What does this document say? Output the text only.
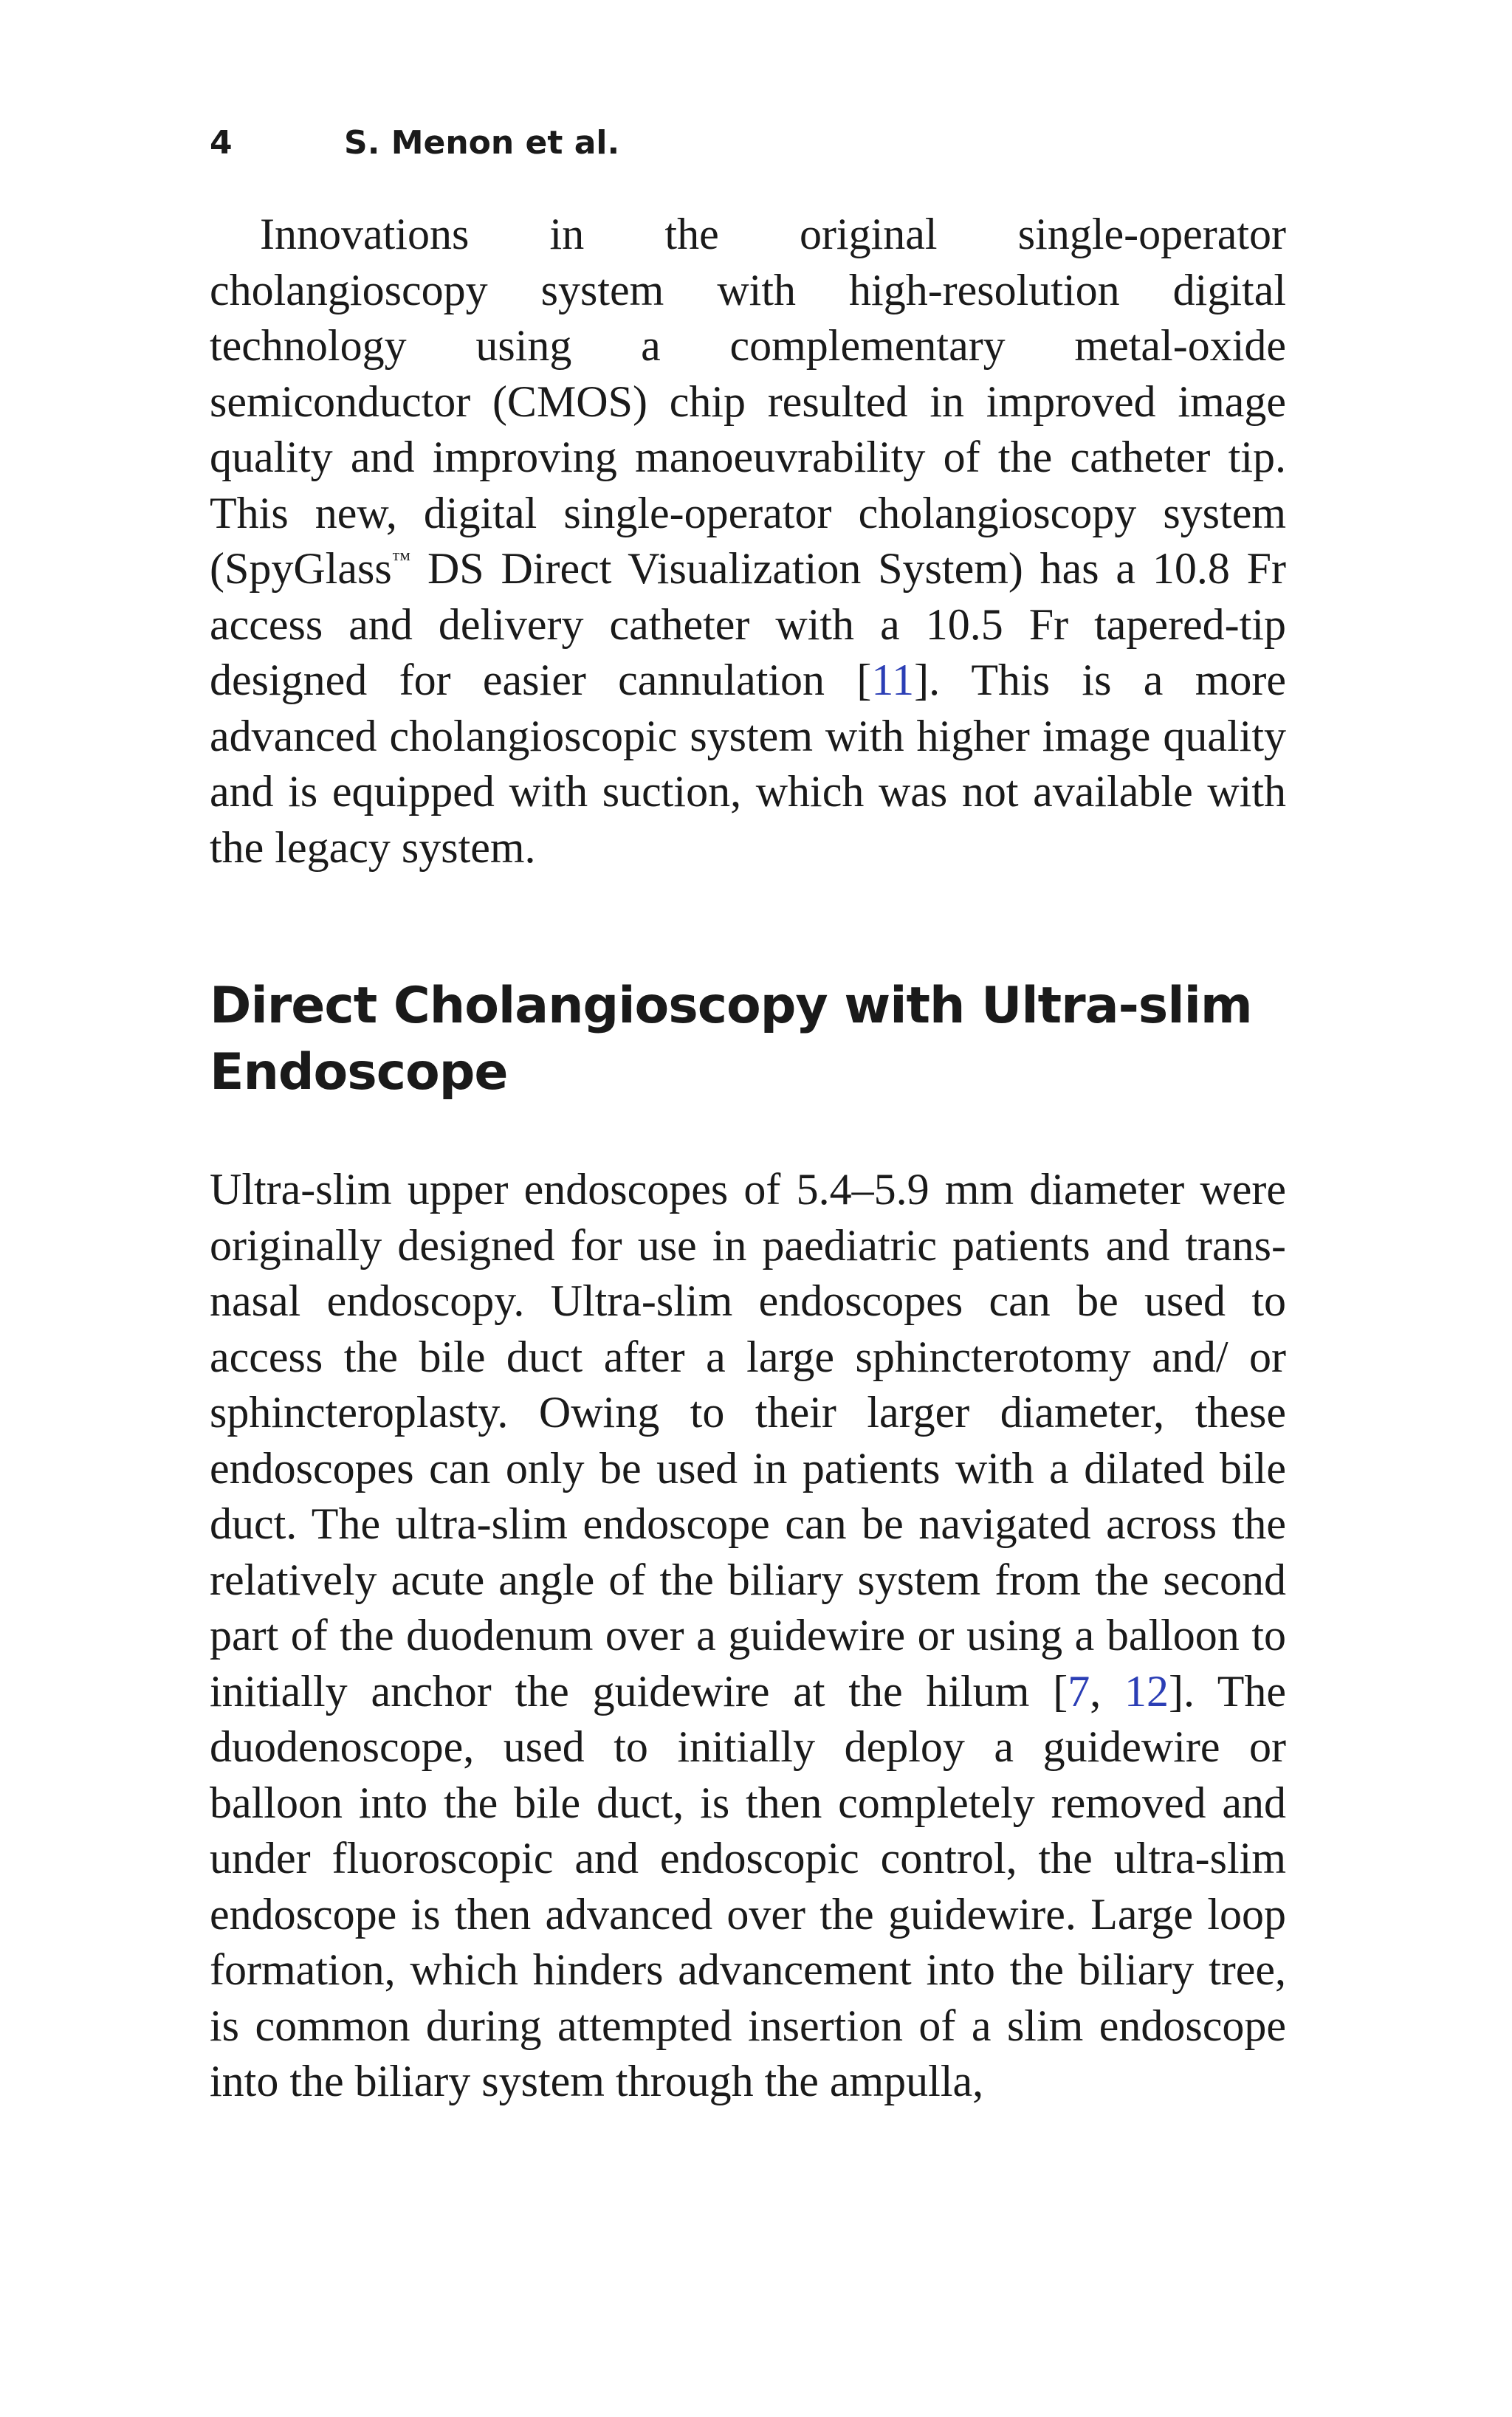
4	S. Menon et al.

Innovations in the original single-operator cholangioscopy system with high-resolution digital technology using a complementary metal-oxide semiconductor (CMOS) chip resulted in improved image quality and improving manoeuvrability of the catheter tip. This new, digital single-operator cholangioscopy system (SpyGlass™ DS Direct Visualization System) has a 10.8 Fr access and delivery catheter with a 10.5 Fr tapered-tip designed for easier cannulation [11]. This is a more advanced cholangioscopic system with higher image quality and is equipped with suction, which was not available with the legacy system.

Direct Cholangioscopy with Ultra-slim
Endoscope

Ultra-slim upper endoscopes of 5.4–5.9 mm diameter were originally designed for use in paediatric patients and trans-nasal endoscopy. Ultra-slim endoscopes can be used to access the bile duct after a large sphincterotomy and/ or sphincteroplasty. Owing to their larger diameter, these endoscopes can only be used in patients with a dilated bile duct. The ultra-slim endoscope can be navigated across the relatively acute angle of the biliary system from the second part of the duodenum over a guidewire or using a balloon to initially anchor the guidewire at the hilum [7, 12]. The duodenoscope, used to initially deploy a guidewire or balloon into the bile duct, is then completely removed and under fluoroscopic and endoscopic control, the ultra-slim endoscope is then advanced over the guidewire. Large loop formation, which hinders advancement into the biliary tree, is common during attempted insertion of a slim endoscope into the biliary system through the ampulla,
